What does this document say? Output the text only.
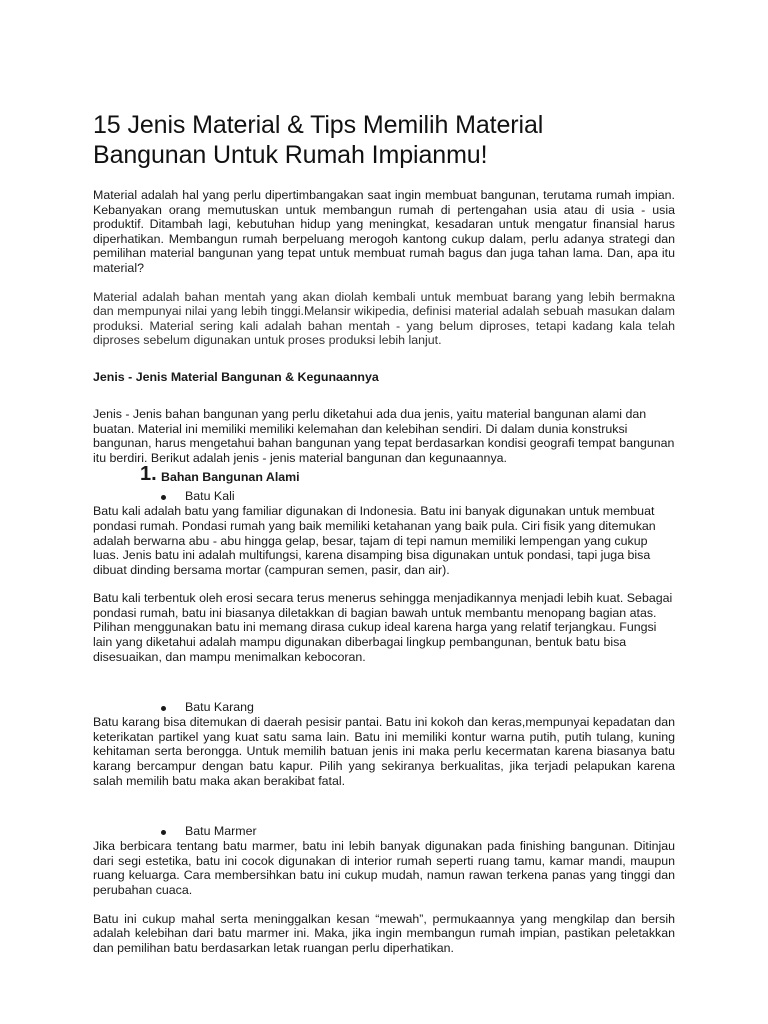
15 Jenis Material & Tips Memilih Material
Bangunan Untuk Rumah Impianmu!

Material adalah hal yang perlu dipertimbangakan saat ingin membuat bangunan, terutama rumah impian. Kebanyakan orang memutuskan untuk membangun rumah di pertengahan usia atau di usia - usia produktif. Ditambah lagi, kebutuhan hidup yang meningkat, kesadaran untuk mengatur finansial harus diperhatikan. Membangun rumah berpeluang merogoh kantong cukup dalam, perlu adanya strategi dan pemilihan material bangunan yang tepat untuk membuat rumah bagus dan juga tahan lama. Dan, apa itu material?

Material adalah bahan mentah yang akan diolah kembali untuk membuat barang yang lebih bermakna dan mempunyai nilai yang lebih tinggi.Melansir wikipedia, definisi material adalah sebuah masukan dalam produksi. Material sering kali adalah bahan mentah - yang belum diproses, tetapi kadang kala telah diproses sebelum digunakan untuk proses produksi lebih lanjut.

Jenis - Jenis Material Bangunan & Kegunaannya

Jenis - Jenis bahan bangunan yang perlu diketahui ada dua jenis, yaitu material bangunan alami dan buatan. Material ini memiliki memiliki kelemahan dan kelebihan sendiri. Di dalam dunia konstruksi bangunan, harus mengetahui bahan bangunan yang tepat berdasarkan kondisi geografi tempat bangunan itu berdiri. Berikut adalah jenis - jenis material bangunan dan kegunaannya.

1. Bahan Bangunan Alami
Batu Kali

Batu kali adalah batu yang familiar digunakan di Indonesia. Batu ini banyak digunakan untuk membuat pondasi rumah. Pondasi rumah yang baik memiliki ketahanan yang baik pula. Ciri fisik yang ditemukan adalah berwarna abu - abu hingga gelap, besar, tajam di tepi namun memiliki lempengan yang cukup luas. Jenis batu ini adalah multifungsi, karena disamping bisa digunakan untuk pondasi, tapi juga bisa dibuat dinding bersama mortar (campuran semen, pasir, dan air).

Batu kali terbentuk oleh erosi secara terus menerus sehingga menjadikannya menjadi lebih kuat. Sebagai pondasi rumah, batu ini biasanya diletakkan di bagian bawah untuk membantu menopang bagian atas. Pilihan menggunakan batu ini memang dirasa cukup ideal karena harga yang relatif terjangkau. Fungsi lain yang diketahui adalah mampu digunakan diberbagai lingkup pembangunan, bentuk batu bisa disesuaikan, dan mampu menimalkan kebocoran.

Batu Karang

Batu karang bisa ditemukan di daerah pesisir pantai. Batu ini kokoh dan keras,mempunyai kepadatan dan keterikatan partikel yang kuat satu sama lain. Batu ini memiliki kontur warna putih, putih tulang, kuning kehitaman serta berongga. Untuk memilih batuan jenis ini maka perlu kecermatan karena biasanya batu karang bercampur dengan batu kapur. Pilih yang sekiranya berkualitas, jika terjadi pelapukan karena salah memilih batu maka akan berakibat fatal.

Batu Marmer

Jika berbicara tentang batu marmer, batu ini lebih banyak digunakan pada finishing bangunan. Ditinjau dari segi estetika, batu ini cocok digunakan di interior rumah seperti ruang tamu, kamar mandi, maupun ruang keluarga. Cara membersihkan batu ini cukup mudah, namun rawan terkena panas yang tinggi dan perubahan cuaca.

Batu ini cukup mahal serta meninggalkan kesan “mewah”, permukaannya yang mengkilap dan bersih adalah kelebihan dari batu marmer ini. Maka, jika ingin membangun rumah impian, pastikan peletakkan dan pemilihan batu berdasarkan letak ruangan perlu diperhatikan.
